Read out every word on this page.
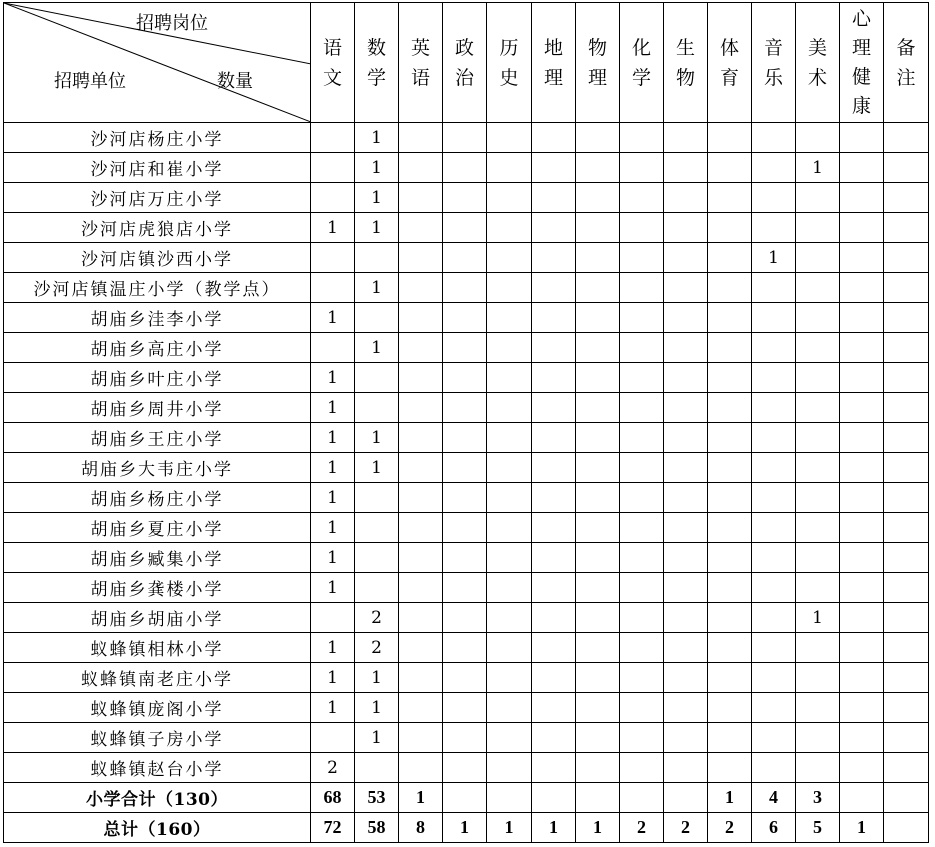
招聘岗位
招聘单位 数量	语文	数学	英语	政治	历史	地理	物理	化学	生物	体育	音乐	美术	心理健康	备注
沙河店杨庄小学		1												
沙河店和崔小学		1										1		
沙河店万庄小学		1												
沙河店虎狼店小学	1	1												
沙河店镇沙西小学											1			
沙河店镇温庄小学（教学点）		1												
胡庙乡洼李小学	1													
胡庙乡高庄小学		1												
胡庙乡叶庄小学	1													
胡庙乡周井小学	1													
胡庙乡王庄小学	1	1												
胡庙乡大韦庄小学	1	1												
胡庙乡杨庄小学	1													
胡庙乡夏庄小学	1													
胡庙乡臧集小学	1													
胡庙乡龚楼小学	1													
胡庙乡胡庙小学		2										1		
蚁蜂镇相林小学	1	2												
蚁蜂镇南老庄小学	1	1												
蚁蜂镇庞阁小学	1	1												
蚁蜂镇子房小学		1												
蚁蜂镇赵台小学	2													
小学合计（130）	68	53	1							1	4	3		
总计（160）	72	58	8	1	1	1	1	2	2	2	6	5	1	
